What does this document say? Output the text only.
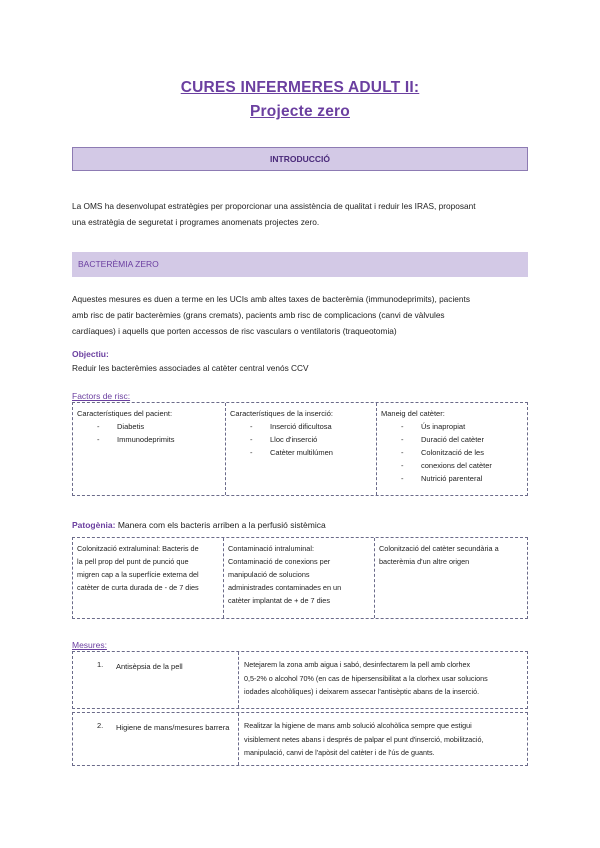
CURES INFERMERES ADULT II:
Projecte zero
INTRODUCCIÓ
La OMS ha desenvolupat estratègies per proporcionar una assistència de qualitat i reduir les IRAS, proposant
una estratègia de seguretat i programes anomenats projectes zero.
BACTERÈMIA ZERO
Aquestes mesures es duen a terme en les UCIs amb altes taxes de bacterèmia (immunodeprimits), pacients
amb risc de patir bacterèmies (grans cremats), pacients amb risc de complicacions (canvi de vàlvules
cardíaques) i aquells que porten accessos de risc vasculars o ventilatoris (traqueotomia)
Objectiu:
Reduir les bacterèmies associades al catèter central venós CCV
Factors de risc:
Característiques del pacient:
- Diabetis
- Immunodeprimits
Característiques de la inserció:
- Inserció dificultosa
- Lloc d'inserció
- Catèter multilúmen
Maneig del catèter:
- Ús inapropiat
- Duració del catèter
- Colonització de les
- conexions del catèter
- Nutrició parenteral
Patogènia: Manera com els bacteris arriben a la perfusió sistèmica
Colonització extraluminal: Bacteris de
la pell prop del punt de punció que
migren cap a la superfície externa del
catèter de curta durada de - de 7 dies
Contaminació intraluminal:
Contaminació de conexions per
manipulació de solucions
administrades contaminades en un
catèter implantat de + de 7 dies
Colonització del catèter secundària a
bacterèmia d'un altre origen
Mesures:
1. Antisèpsia de la pell	Netejarem la zona amb aigua i sabó, desinfectarem la pell amb clorhex
0,5-2% o alcohol 70% (en cas de hipersensibilitat a la clorhex usar solucions
iodades alcohòliques) i deixarem assecar l'antisèptic abans de la inserció.
2. Higiene de mans/mesures barrera	Realitzar la higiene de mans amb solució alcohòlica sempre que estigui
visiblement netes abans i després de palpar el punt d'inserció, mobilització,
manipulació, canvi de l'apòsit del catèter i de l'ús de guants.
